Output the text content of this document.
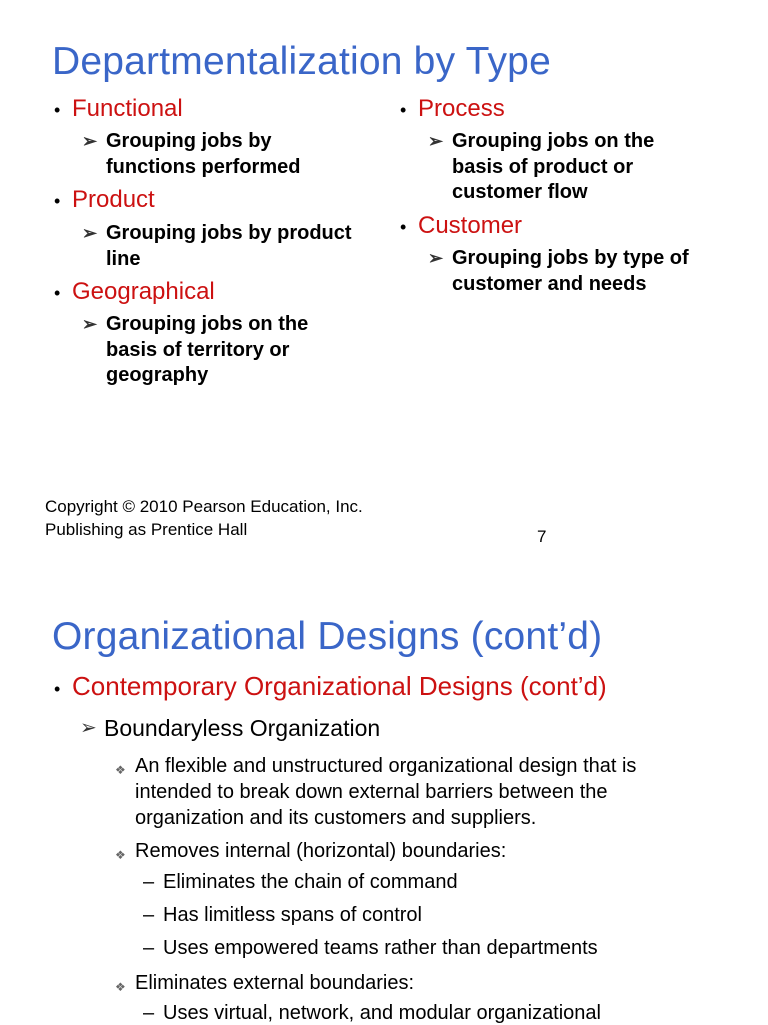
Departmentalization by Type
• Functional
➢ Grouping jobs by functions performed
• Product
➢ Grouping jobs by product line
• Geographical
➢ Grouping jobs on the basis of territory or geography
• Process
➢ Grouping jobs on the basis of product or customer flow
• Customer
➢ Grouping jobs by type of customer and needs
Copyright © 2010 Pearson Education, Inc.
Publishing as Prentice Hall	7
Organizational Designs (cont’d)
• Contemporary Organizational Designs (cont’d)
➢ Boundaryless Organization
❖ An flexible and unstructured organizational design that is intended to break down external barriers between the organization and its customers and suppliers.
❖ Removes internal (horizontal) boundaries:
– Eliminates the chain of command
– Has limitless spans of control
– Uses empowered teams rather than departments
❖ Eliminates external boundaries:
– Uses virtual, network, and modular organizational
